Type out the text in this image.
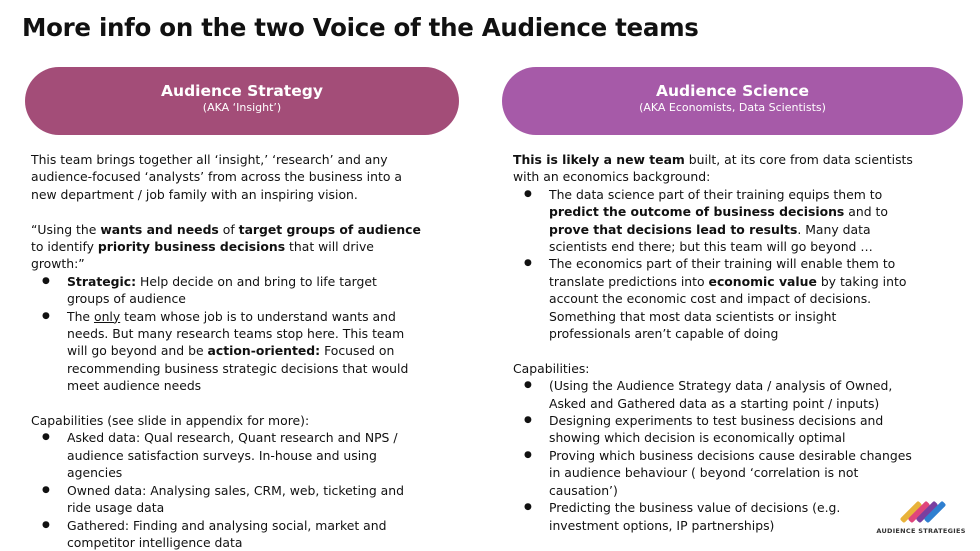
More info on the two Voice of the Audience teams
Audience Strategy
(AKA ‘Insight’)
Audience Science
(AKA Economists, Data Scientists)

This team brings together all ‘insight,’ ‘research’ and any audience-focused ‘analysts’ from across the business into a new department / job family with an inspiring vision.

“Using the wants and needs of target groups of audience to identify priority business decisions that will drive growth:”

● Strategic: Help decide on and bring to life target groups of audience
● The only team whose job is to understand wants and needs. But many research teams stop here. This team will go beyond and be action-oriented: Focused on recommending business strategic decisions that would meet audience needs

Capabilities (see slide in appendix for more):

● Asked data: Qual research, Quant research and NPS / audience satisfaction surveys. In-house and using agencies
● Owned data: Analysing sales, CRM, web, ticketing and ride usage data
● Gathered: Finding and analysing social, market and competitor intelligence data

This is likely a new team built, at its core from data scientists with an economics background:

● The data science part of their training equips them to predict the outcome of business decisions and to prove that decisions lead to results. Many data scientists end there; but this team will go beyond …
● The economics part of their training will enable them to translate predictions into economic value by taking into account the economic cost and impact of decisions. Something that most data scientists or insight professionals aren’t capable of doing

Capabilities:

● (Using the Audience Strategy data / analysis of Owned, Asked and Gathered data as a starting point / inputs)
● Designing experiments to test business decisions and showing which decision is economically optimal
● Proving which business decisions cause desirable changes in audience behaviour ( beyond ‘correlation is not causation’)
● Predicting the business value of decisions (e.g. investment options, IP partnerships)	AUDIENCE STRATEGIES
